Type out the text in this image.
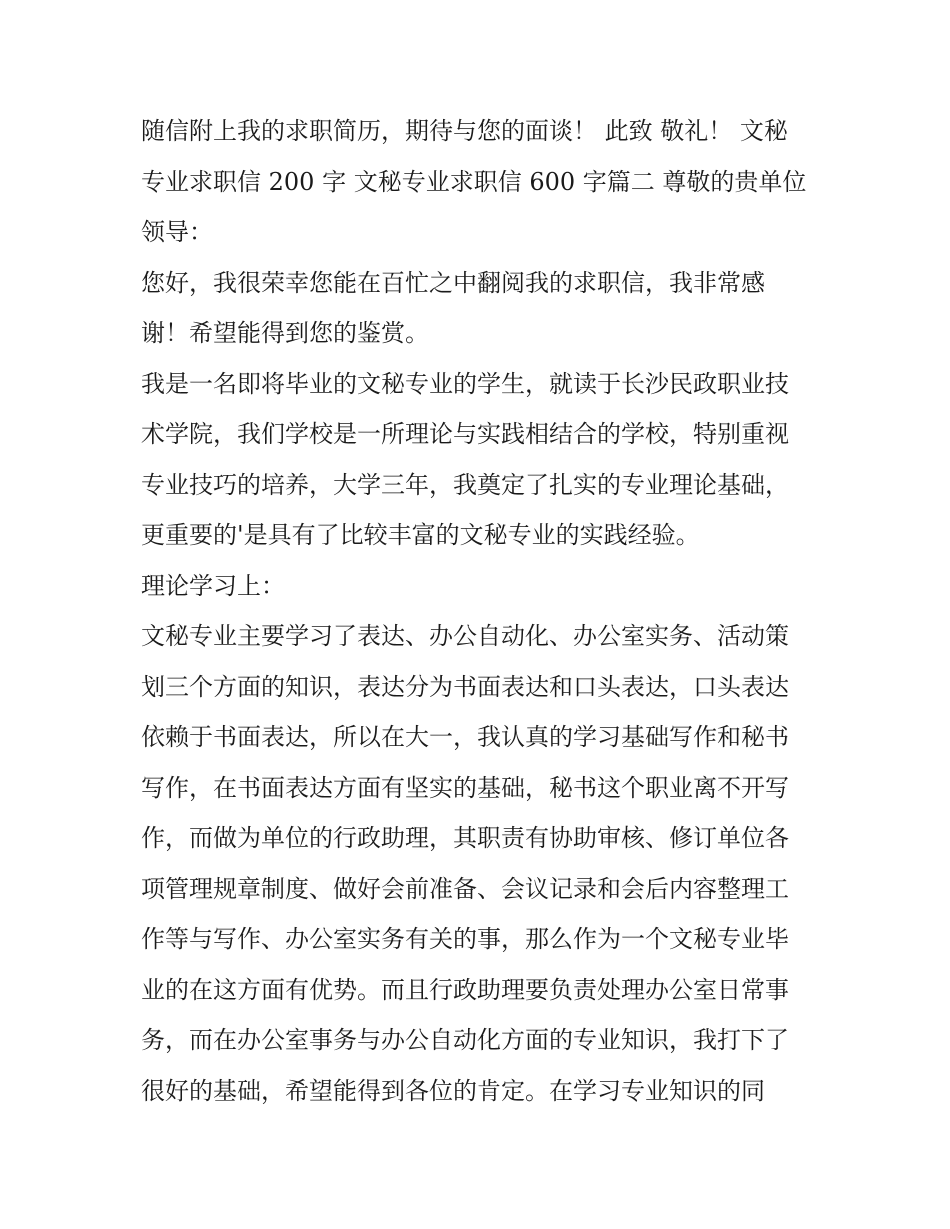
随信附上我的求职简历，期待与您的面谈！ 此致 敬礼！ 文秘

专业求职信 200 字 文秘专业求职信 600 字篇二 尊敬的贵单位

领导：

您好，我很荣幸您能在百忙之中翻阅我的求职信，我非常感

谢！希望能得到您的鉴赏。

我是一名即将毕业的文秘专业的学生，就读于长沙民政职业技

术学院，我们学校是一所理论与实践相结合的学校，特别重视

专业技巧的培养，大学三年，我奠定了扎实的专业理论基础，

更重要的'是具有了比较丰富的文秘专业的实践经验。

理论学习上：

文秘专业主要学习了表达、办公自动化、办公室实务、活动策

划三个方面的知识，表达分为书面表达和口头表达，口头表达

依赖于书面表达，所以在大一，我认真的学习基础写作和秘书

写作，在书面表达方面有坚实的基础，秘书这个职业离不开写

作，而做为单位的行政助理，其职责有协助审核、修订单位各

项管理规章制度、做好会前准备、会议记录和会后内容整理工

作等与写作、办公室实务有关的事，那么作为一个文秘专业毕

业的在这方面有优势。而且行政助理要负责处理办公室日常事

务，而在办公室事务与办公自动化方面的专业知识，我打下了

很好的基础，希望能得到各位的肯定。在学习专业知识的同
